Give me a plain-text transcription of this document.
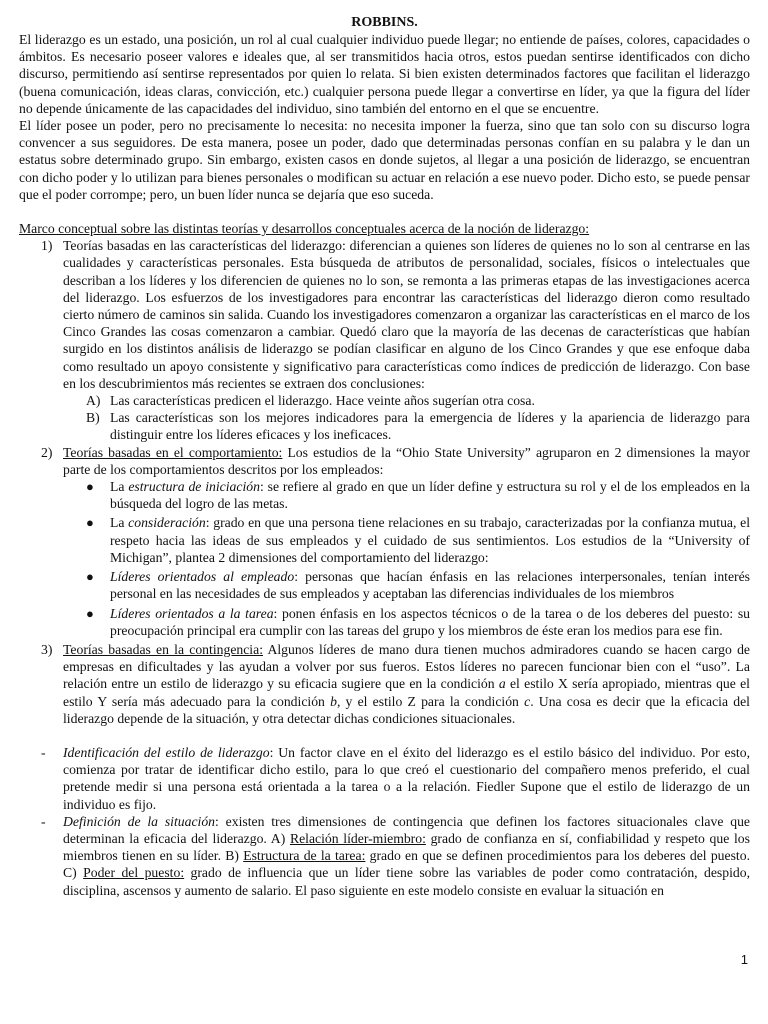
ROBBINS.

El liderazgo es un estado, una posición, un rol al cual cualquier individuo puede llegar; no entiende de países, colores, capacidades o ámbitos. Es necesario poseer valores e ideales que, al ser transmitidos hacia otros, estos puedan sentirse identificados con dicho discurso, permitiendo así sentirse representados por quien lo relata. Si bien existen determinados factores que facilitan el liderazgo (buena comunicación, ideas claras, convicción, etc.) cualquier persona puede llegar a convertirse en líder, ya que la figura del líder no depende únicamente de las capacidades del individuo, sino también del entorno en el que se encuentre.

El líder posee un poder, pero no precisamente lo necesita: no necesita imponer la fuerza, sino que tan solo con su discurso logra convencer a sus seguidores. De esta manera, posee un poder, dado que determinadas personas confían en su palabra y le dan un estatus sobre determinado grupo. Sin embargo, existen casos en donde sujetos, al llegar a una posición de liderazgo, se encuentran con dicho poder y lo utilizan para bienes personales o modifican su actuar en relación a ese nuevo poder. Dicho esto, se puede pensar que el poder corrompe; pero, un buen líder nunca se dejaría que eso suceda.

Marco conceptual sobre las distintas teorías y desarrollos conceptuales acerca de la noción de liderazgo:

1) Teorías basadas en las características del liderazgo: diferencian a quienes son líderes de quienes no lo son al centrarse en las cualidades y características personales. Esta búsqueda de atributos de personalidad, sociales, físicos o intelectuales que describan a los líderes y los diferencien de quienes no lo son, se remonta a las primeras etapas de las investigaciones acerca del liderazgo. Los esfuerzos de los investigadores para encontrar las características del liderazgo dieron como resultado cierto número de caminos sin salida. Cuando los investigadores comenzaron a organizar las características en el marco de los Cinco Grandes las cosas comenzaron a cambiar. Quedó claro que la mayoría de las decenas de características que habían surgido en los distintos análisis de liderazgo se podían clasificar en alguno de los Cinco Grandes y que ese enfoque daba como resultado un apoyo consistente y significativo para características como índices de predicción de liderazgo. Con base en los descubrimientos más recientes se extraen dos conclusiones:
A) Las características predicen el liderazgo. Hace veinte años sugerían otra cosa.
B) Las características son los mejores indicadores para la emergencia de líderes y la apariencia de liderazgo para distinguir entre los líderes eficaces y los ineficaces.
2) Teorías basadas en el comportamiento: Los estudios de la “Ohio State University” agruparon en 2 dimensiones la mayor parte de los comportamientos descritos por los empleados:
● La estructura de iniciación: se refiere al grado en que un líder define y estructura su rol y el de los empleados en la búsqueda del logro de las metas.
● La consideración: grado en que una persona tiene relaciones en su trabajo, caracterizadas por la confianza mutua, el respeto hacia las ideas de sus empleados y el cuidado de sus sentimientos. Los estudios de la “University of Michigan”, plantea 2 dimensiones del comportamiento del liderazgo:
● Líderes orientados al empleado: personas que hacían énfasis en las relaciones interpersonales, tenían interés personal en las necesidades de sus empleados y aceptaban las diferencias individuales de los miembros
● Líderes orientados a la tarea: ponen énfasis en los aspectos técnicos o de la tarea o de los deberes del puesto: su preocupación principal era cumplir con las tareas del grupo y los miembros de éste eran los medios para ese fin.
3) Teorías basadas en la contingencia: Algunos líderes de mano dura tienen muchos admiradores cuando se hacen cargo de empresas en dificultades y las ayudan a volver por sus fueros. Estos líderes no parecen funcionar bien con el “uso”. La relación entre un estilo de liderazgo y su eficacia sugiere que en la condición a el estilo X sería apropiado, mientras que el estilo Y sería más adecuado para la condición b, y el estilo Z para la condición c. Una cosa es decir que la eficacia del liderazgo depende de la situación, y otra detectar dichas condiciones situacionales.
- Identificación del estilo de liderazgo: Un factor clave en el éxito del liderazgo es el estilo básico del individuo. Por esto, comienza por tratar de identificar dicho estilo, para lo que creó el cuestionario del compañero menos preferido, el cual pretende medir si una persona está orientada a la tarea o a la relación. Fiedler Supone que el estilo de liderazgo de un individuo es fijo.
- Definición de la situación: existen tres dimensiones de contingencia que definen los factores situacionales clave que determinan la eficacia del liderazgo. A) Relación líder-miembro: grado de confianza en sí, confiabilidad y respeto que los miembros tienen en su líder. B) Estructura de la tarea: grado en que se definen procedimientos para los deberes del puesto. C) Poder del puesto: grado de influencia que un líder tiene sobre las variables de poder como contratación, despido, disciplina, ascensos y aumento de salario. El paso siguiente en este modelo consiste en evaluar la situación en
1
